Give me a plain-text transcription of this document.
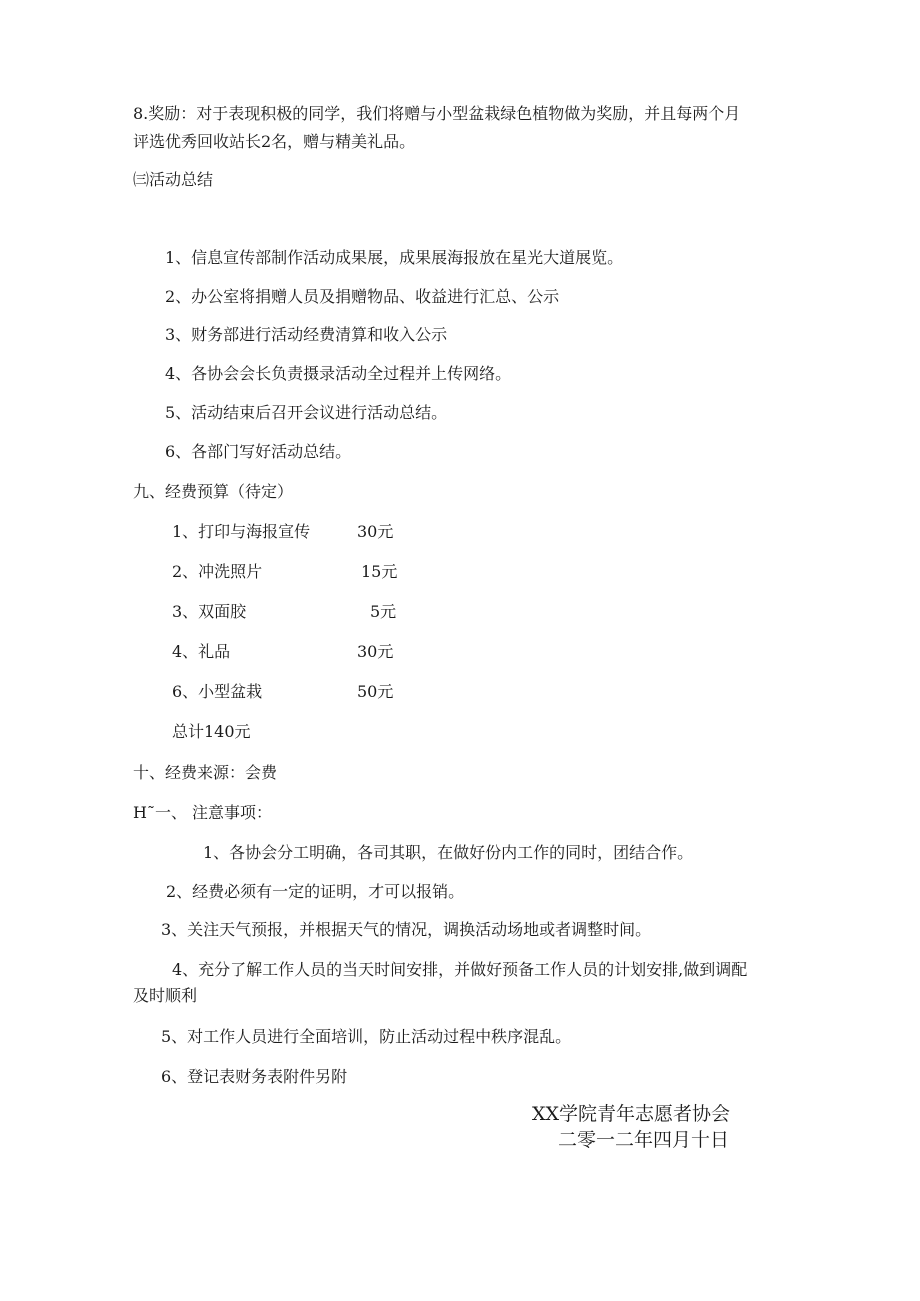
8.奖励：对于表现积极的同学，我们将赠与小型盆栽绿色植物做为奖励，并且每两个月
评选优秀回收站长2名，赠与精美礼品。
㈢活动总结
1、信息宣传部制作活动成果展，成果展海报放在星光大道展览。
2、办公室将捐赠人员及捐赠物品、收益进行汇总、公示
3、财务部进行活动经费清算和收入公示
4、各协会会长负责摄录活动全过程并上传网络。
5、活动结束后召开会议进行活动总结。
6、各部门写好活动总结。
九、经费预算（待定）
1、打印与海报宣传	30元
2、冲洗照片	15元
3、双面胶	5元
4、礼品	30元
6、小型盆栽	50元
总计140元
十、经费来源：会费
H˜一、 注意事项：
1、各协会分工明确，各司其职，在做好份内工作的同时，团结合作。
2、经费必须有一定的证明，才可以报销。
3、关注天气预报，并根据天气的情况，调换活动场地或者调整时间。
4、充分了解工作人员的当天时间安排，并做好预备工作人员的计划安排,做到调配
及时顺利
5、对工作人员进行全面培训，防止活动过程中秩序混乱。
6、登记表财务表附件另附
XX学院青年志愿者协会
二零一二年四月十日
